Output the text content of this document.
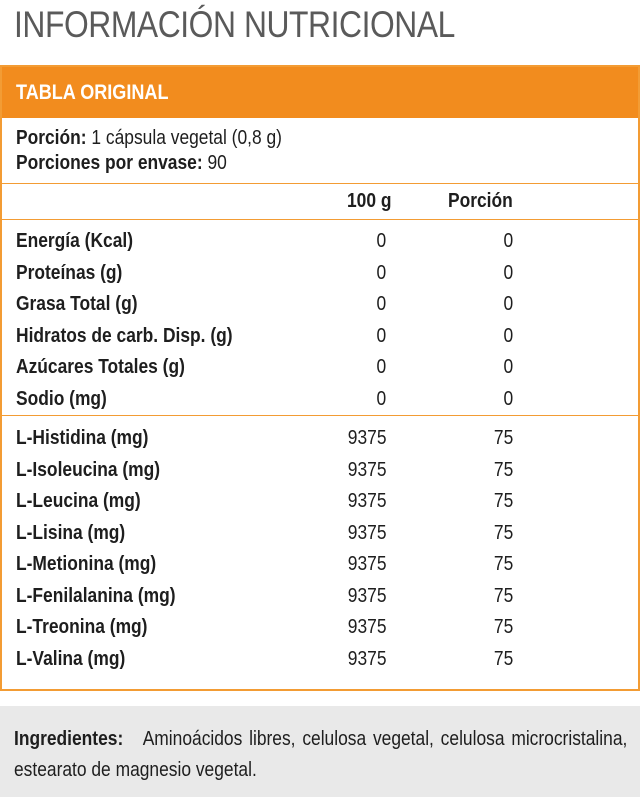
INFORMACIÓN NUTRICIONAL
TABLA ORIGINAL
Porción: 1 cápsula vegetal (0,8 g)
Porciones por envase: 90
100 g	Porción
Energía (Kcal)	0	0
Proteínas (g)	0	0
Grasa Total (g)	0	0
Hidratos de carb. Disp. (g)	0	0
Azúcares Totales (g)	0	0
Sodio (mg)	0	0
L-Histidina (mg)	9375	75
L-Isoleucina (mg)	9375	75
L-Leucina (mg)	9375	75
L-Lisina (mg)	9375	75
L-Metionina (mg)	9375	75
L-Fenilalanina (mg)	9375	75
L-Treonina (mg)	9375	75
L-Valina (mg)	9375	75
Ingredientes: Aminoácidos libres, celulosa vegetal, celulosa microcristalina, estearato de magnesio vegetal.
